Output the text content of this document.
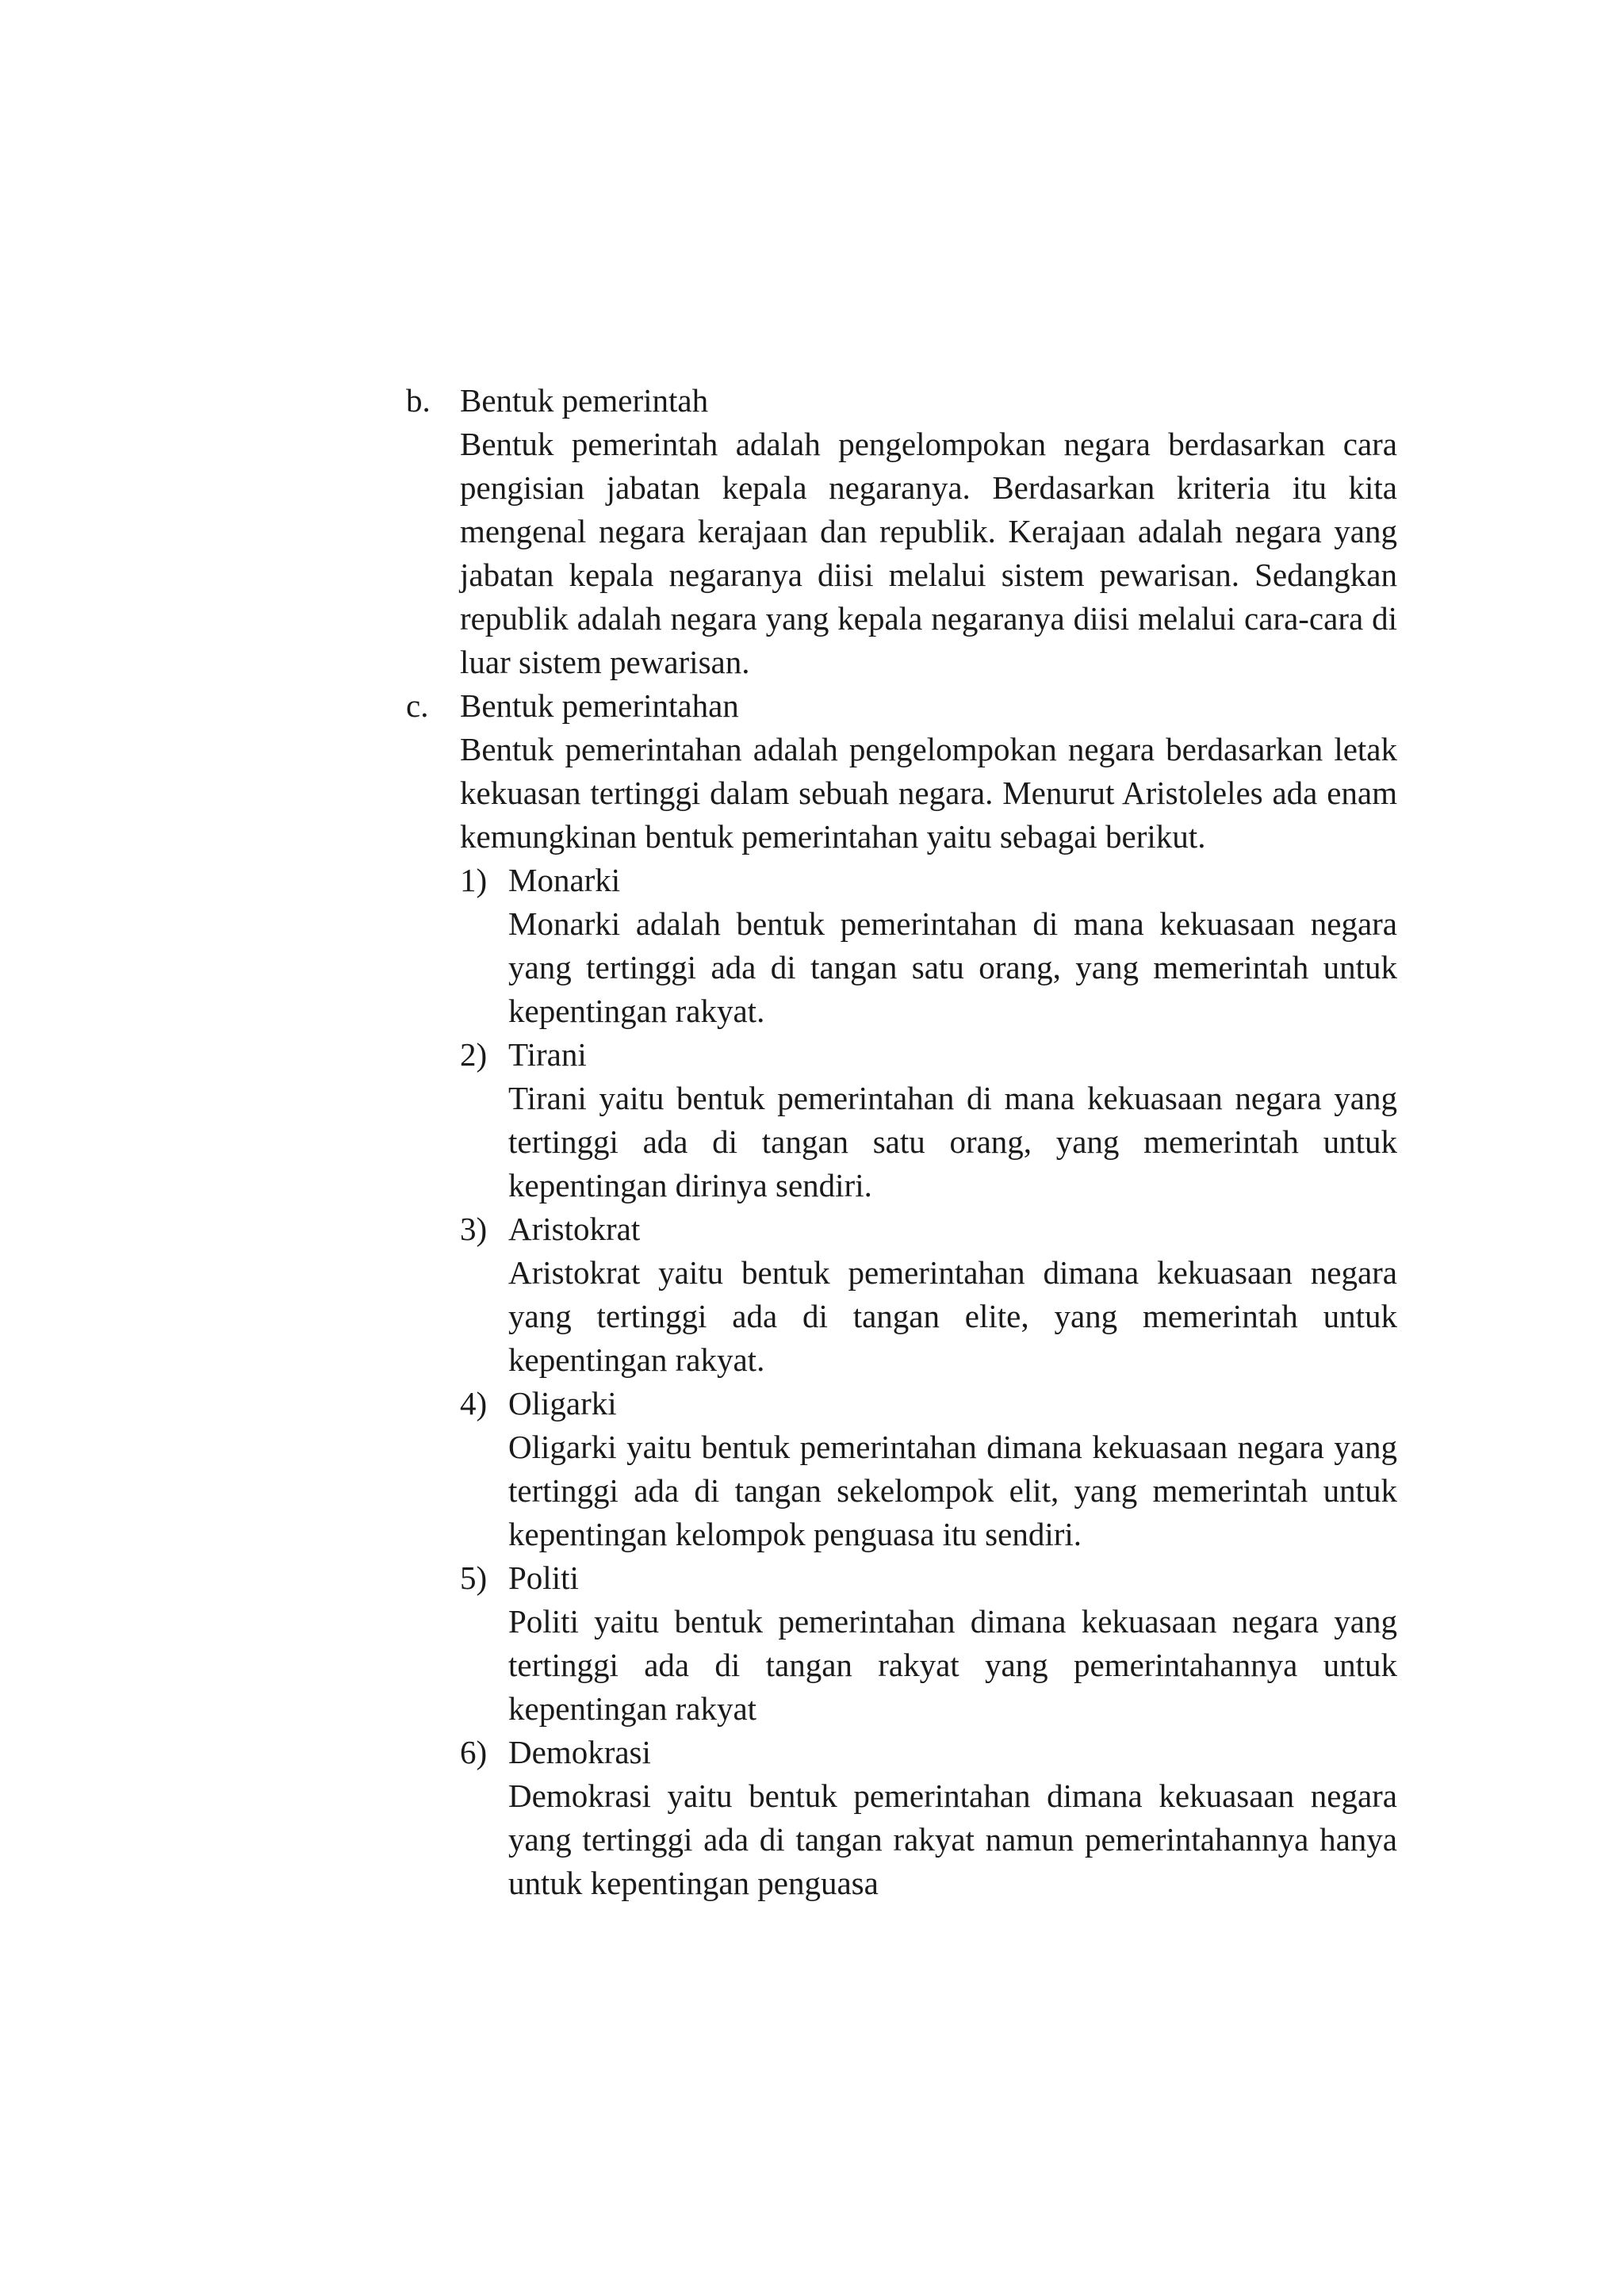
b. Bentuk pemerintah

Bentuk pemerintah adalah pengelompokan negara berdasarkan cara pengisian jabatan kepala negaranya. Berdasarkan kriteria itu kita mengenal negara kerajaan dan republik. Kerajaan adalah negara yang jabatan kepala negaranya diisi melalui sistem pewarisan. Sedangkan republik adalah negara yang kepala negaranya diisi melalui cara-cara di luar sistem pewarisan.

c. Bentuk pemerintahan

Bentuk pemerintahan adalah pengelompokan negara berdasarkan letak kekuasan tertinggi dalam sebuah negara. Menurut Aristoleles ada enam kemungkinan bentuk pemerintahan yaitu sebagai berikut.

1) Monarki

Monarki adalah bentuk pemerintahan di mana kekuasaan negara yang tertinggi ada di tangan satu orang, yang memerintah untuk kepentingan rakyat.

2) Tirani

Tirani yaitu bentuk pemerintahan di mana kekuasaan negara yang tertinggi ada di tangan satu orang, yang memerintah untuk kepentingan dirinya sendiri.

3) Aristokrat

Aristokrat yaitu bentuk pemerintahan dimana kekuasaan negara yang tertinggi ada di tangan elite, yang memerintah untuk kepentingan rakyat.

4) Oligarki

Oligarki yaitu bentuk pemerintahan dimana kekuasaan negara yang tertinggi ada di tangan sekelompok elit, yang memerintah untuk kepentingan kelompok penguasa itu sendiri.

5) Politi

Politi yaitu bentuk pemerintahan dimana kekuasaan negara yang tertinggi ada di tangan rakyat yang pemerintahannya untuk kepentingan rakyat

6) Demokrasi

Demokrasi yaitu bentuk pemerintahan dimana kekuasaan negara yang tertinggi ada di tangan rakyat namun pemerintahannya hanya untuk kepentingan penguasa
